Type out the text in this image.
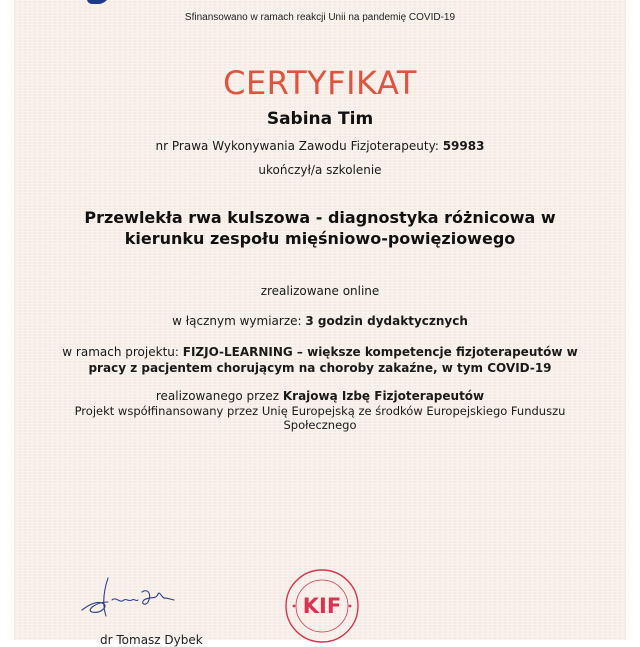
Sfinansowano w ramach reakcji Unii na pandemię COVID-19
CERTYFIKAT
Sabina Tim
nr Prawa Wykonywania Zawodu Fizjoterapeuty: 59983
ukończył/a szkolenie
Przewlekła rwa kulszowa - diagnostyka różnicowa w
kierunku zespołu mięśniowo-powięziowego
zrealizowane online
w łącznym wymiarze: 3 godzin dydaktycznych
w ramach projektu: FIZJO-LEARNING – większe kompetencje fizjoterapeutów w
pracy z pacjentem chorującym na choroby zakaźne, w tym COVID-19
realizowanego przez Krajową Izbę Fizjoterapeutów
Projekt współfinansowany przez Unię Europejską ze środków Europejskiego Funduszu Społecznego
dr Tomasz Dybek
KIF
